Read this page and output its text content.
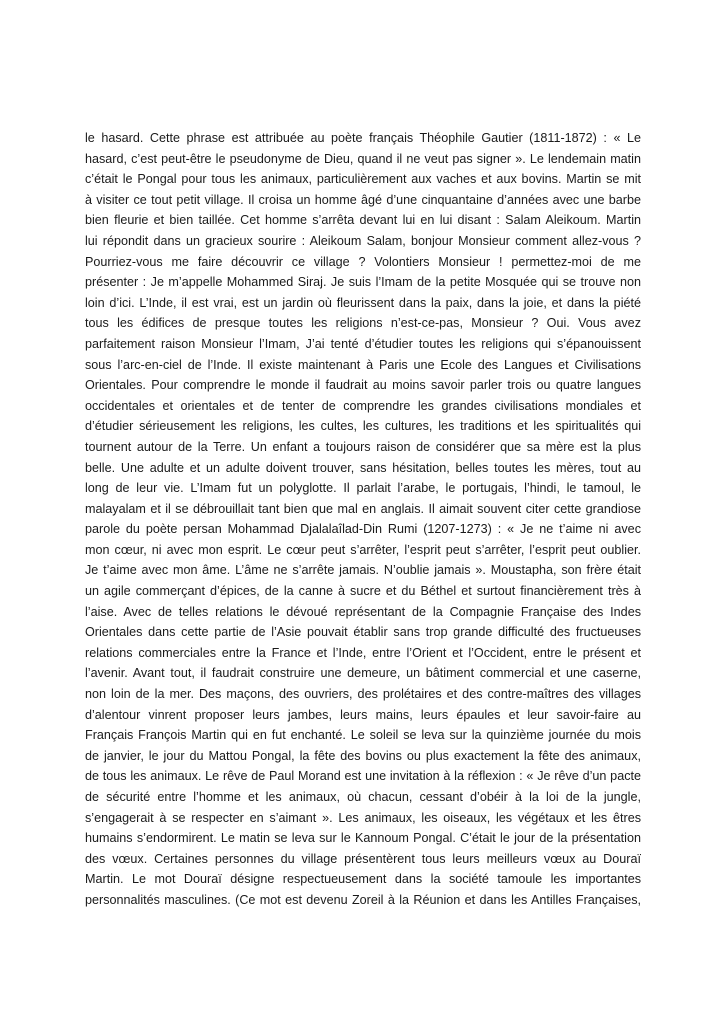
le hasard. Cette phrase est attribuée au poète français Théophile Gautier (1811-1872) : « Le
hasard, c’est peut-être le pseudonyme de Dieu, quand il ne veut pas signer ». Le lendemain matin
c’était le Pongal pour tous les animaux, particulièrement aux vaches et aux bovins. Martin se mit
à visiter ce tout petit village. Il croisa un homme âgé d’une cinquantaine d’années avec une barbe
bien fleurie et bien taillée. Cet homme s’arrêta devant lui en lui disant : Salam Aleikoum. Martin
lui répondit dans un gracieux sourire : Aleikoum Salam, bonjour Monsieur comment allez-vous ?
Pourriez-vous me faire découvrir ce village ? Volontiers Monsieur ! permettez-moi de me
présenter : Je m’appelle Mohammed Siraj. Je suis l’Imam de la petite Mosquée qui se trouve non
loin d’ici. L’Inde, il est vrai, est un jardin où fleurissent dans la paix, dans la joie, et dans la piété
tous les édifices de presque toutes les religions n’est-ce-pas, Monsieur ? Oui. Vous avez
parfaitement raison Monsieur l’Imam, J’ai tenté d’étudier toutes les religions qui s’épanouissent
sous l’arc-en-ciel de l’Inde. Il existe maintenant à Paris une Ecole des Langues et Civilisations
Orientales. Pour comprendre le monde il faudrait au moins savoir parler trois ou quatre langues
occidentales et orientales et de tenter de comprendre les grandes civilisations mondiales et
d’étudier sérieusement les religions, les cultes, les cultures, les traditions et les spiritualités qui
tournent autour de la Terre. Un enfant a toujours raison de considérer que sa mère est la plus
belle. Une adulte et un adulte doivent trouver, sans hésitation, belles toutes les mères, tout au
long de leur vie. L’Imam fut un polyglotte. Il parlait l’arabe, le portugais, l’hindi, le tamoul, le
malayalam et il se débrouillait tant bien que mal en anglais. Il aimait souvent citer cette grandiose
parole du poète persan Mohammad Djalalaîlad-Din Rumi (1207-1273) : « Je ne t’aime ni avec
mon cœur, ni avec mon esprit. Le cœur peut s’arrêter, l’esprit peut s’arrêter, l’esprit peut oublier.
Je t’aime avec mon âme. L’âme ne s’arrête jamais. N’oublie jamais ». Moustapha, son frère était
un agile commerçant d’épices, de la canne à sucre et du Béthel et surtout financièrement très à
l’aise. Avec de telles relations le dévoué représentant de la Compagnie Française des Indes
Orientales dans cette partie de l’Asie pouvait établir sans trop grande difficulté des fructueuses
relations commerciales entre la France et l’Inde, entre l’Orient et l’Occident, entre le présent et
l’avenir. Avant tout, il faudrait construire une demeure, un bâtiment commercial et une caserne,
non loin de la mer. Des maçons, des ouvriers, des prolétaires et des contre-maîtres des villages
d’alentour vinrent proposer leurs jambes, leurs mains, leurs épaules et leur savoir-faire au
Français François Martin qui en fut enchanté. Le soleil se leva sur la quinzième journée du mois
de janvier, le jour du Mattou Pongal, la fête des bovins ou plus exactement la fête des animaux,
de tous les animaux. Le rêve de Paul Morand est une invitation à la réflexion : « Je rêve d’un pacte
de sécurité entre l’homme et les animaux, où chacun, cessant d’obéir à la loi de la jungle,
s’engagerait à se respecter en s’aimant ». Les animaux, les oiseaux, les végétaux et les êtres
humains s’endormirent. Le matin se leva sur le Kannoum Pongal. C’était le jour de la présentation
des vœux. Certaines personnes du village présentèrent tous leurs meilleurs vœux au Douraï
Martin. Le mot Douraï désigne respectueusement dans la société tamoule les importantes
personnalités masculines. (Ce mot est devenu Zoreil à la Réunion et dans les Antilles Françaises,
